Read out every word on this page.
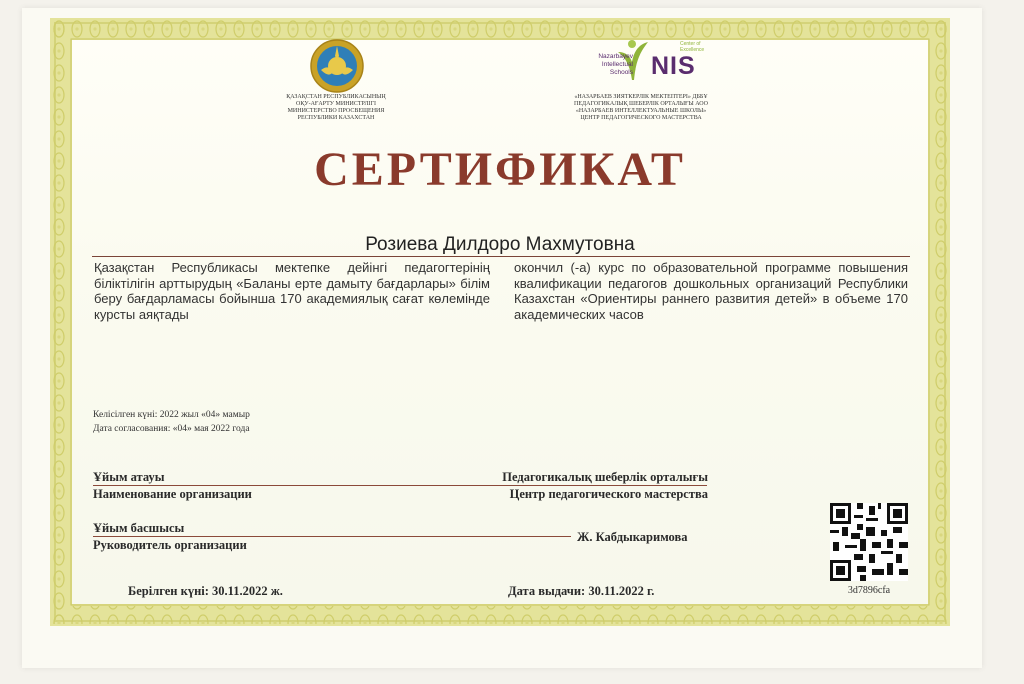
ҚАЗАҚСТАН РЕСПУБЛИКАСЫНЫҢ ОҚУ-АҒАРТУ МИНИСТРЛІГІ МИНИСТЕРСТВО ПРОСВЕЩЕНИЯ РЕСПУБЛИКИ КАЗАХСТАН
Nazarbayev
Intellectual
Schools NIS
Center of Excellence
«НАЗАРБАЕВ ЗИЯТКЕРЛІК МЕКТЕПТЕРІ» ДББҰ ПЕДАГОГИКАЛЫҚ ШЕБЕРЛІК ОРТАЛЫҒЫ АОО «НАЗАРБАЕВ ИНТЕЛЛЕКТУАЛЬНЫЕ ШКОЛЫ» ЦЕНТР ПЕДАГОГИЧЕСКОГО МАСТЕРСТВА
СЕРТИФИКАТ
Розиева Дилдоро Махмутовна
Қазақстан Республикасы мектепке дейінгі педагогтерінің біліктілігін арттырудың «Баланы ерте дамыту бағдарлары» білім беру бағдарламасы бойынша 170 академиялық сағат көлемінде курсты аяқтады
окончил (-а) курс по образовательной программе повышения квалификации педагогов дошкольных организаций Республики Казахстан «Ориентиры раннего развития детей» в объеме 170 академических часов
Келісілген күні: 2022 жыл «04» мамыр
Дата согласования: «04» мая 2022 года
Ұйым атауы
Наименование организации
Педагогикалық шеберлік орталығы
Центр педагогического мастерства
Ұйым басшысы
Руководитель организации
Ж. Кабдыкаримова
Берілген күні: 30.11.2022 ж.	Дата выдачи: 30.11.2022 г.	3d7896cfa
